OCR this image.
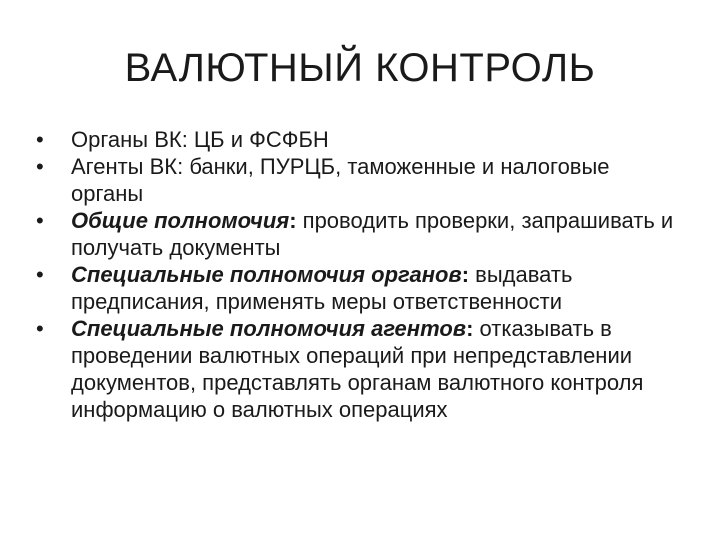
ВАЛЮТНЫЙ КОНТРОЛЬ
•	Органы ВК: ЦБ и ФСФБН
•	Агенты ВК: банки, ПУРЦБ, таможенные и налоговые органы
•	Общие полномочия: проводить проверки, запрашивать и получать документы
•	Специальные полномочия органов: выдавать предписания, применять меры ответственности
•	Специальные полномочия агентов: отказывать в проведении валютных операций при непредставлении документов, представлять органам валютного контроля информацию о валютных операциях
